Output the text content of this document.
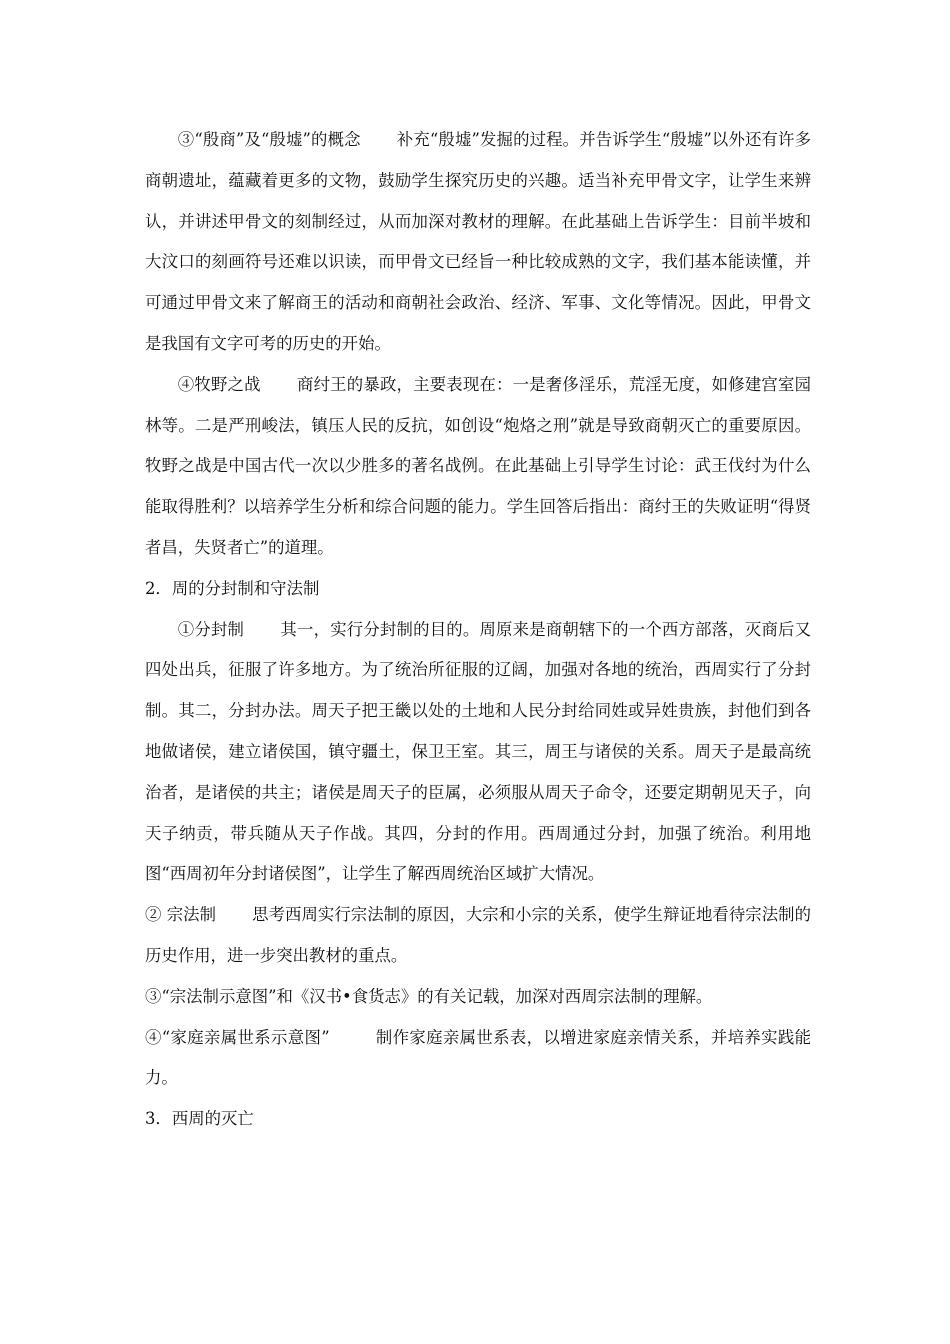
③“殷商”及“殷墟”的概念 补充“殷墟”发掘的过程。并告诉学生“殷墟”以外还有许多商朝遗址，蕴藏着更多的文物，鼓励学生探究历史的兴趣。适当补充甲骨文字，让学生来辨认，并讲述甲骨文的刻制经过，从而加深对教材的理解。在此基础上告诉学生：目前半坡和大汶口的刻画符号还难以识读，而甲骨文已经旨一种比较成熟的文字，我们基本能读懂，并可通过甲骨文来了解商王的活动和商朝社会政治、经济、军事、文化等情况。因此，甲骨文是我国有文字可考的历史的开始。

④牧野之战 商纣王的暴政，主要表现在：一是奢侈淫乐，荒淫无度，如修建宫室园林等。二是严刑峻法，镇压人民的反抗，如创设“炮烙之刑”就是导致商朝灭亡的重要原因。牧野之战是中国古代一次以少胜多的著名战例。在此基础上引导学生讨论：武王伐纣为什么能取得胜利？以培养学生分析和综合问题的能力。学生回答后指出：商纣王的失败证明“得贤者昌，失贤者亡”的道理。

2．周的分封制和守法制

①分封制 其一，实行分封制的目的。周原来是商朝辖下的一个西方部落，灭商后又四处出兵，征服了许多地方。为了统治所征服的辽阔，加强对各地的统治，西周实行了分封制。其二，分封办法。周天子把王畿以处的土地和人民分封给同姓或异姓贵族，封他们到各地做诸侯，建立诸侯国，镇守疆土，保卫王室。其三，周王与诸侯的关系。周天子是最高统治者，是诸侯的共主；诸侯是周天子的臣属，必须服从周天子命令，还要定期朝见天子，向天子纳贡，带兵随从天子作战。其四，分封的作用。西周通过分封，加强了统治。利用地图“西周初年分封诸侯图”，让学生了解西周统治区域扩大情况。

② 宗法制 思考西周实行宗法制的原因，大宗和小宗的关系，使学生辩证地看待宗法制的历史作用，进一步突出教材的重点。

③“宗法制示意图”和《汉书•食货志》的有关记载，加深对西周宗法制的理解。

④“家庭亲属世系示意图”	制作家庭亲属世系表，以增进家庭亲情关系，并培养实践能力。

3．西周的灭亡
